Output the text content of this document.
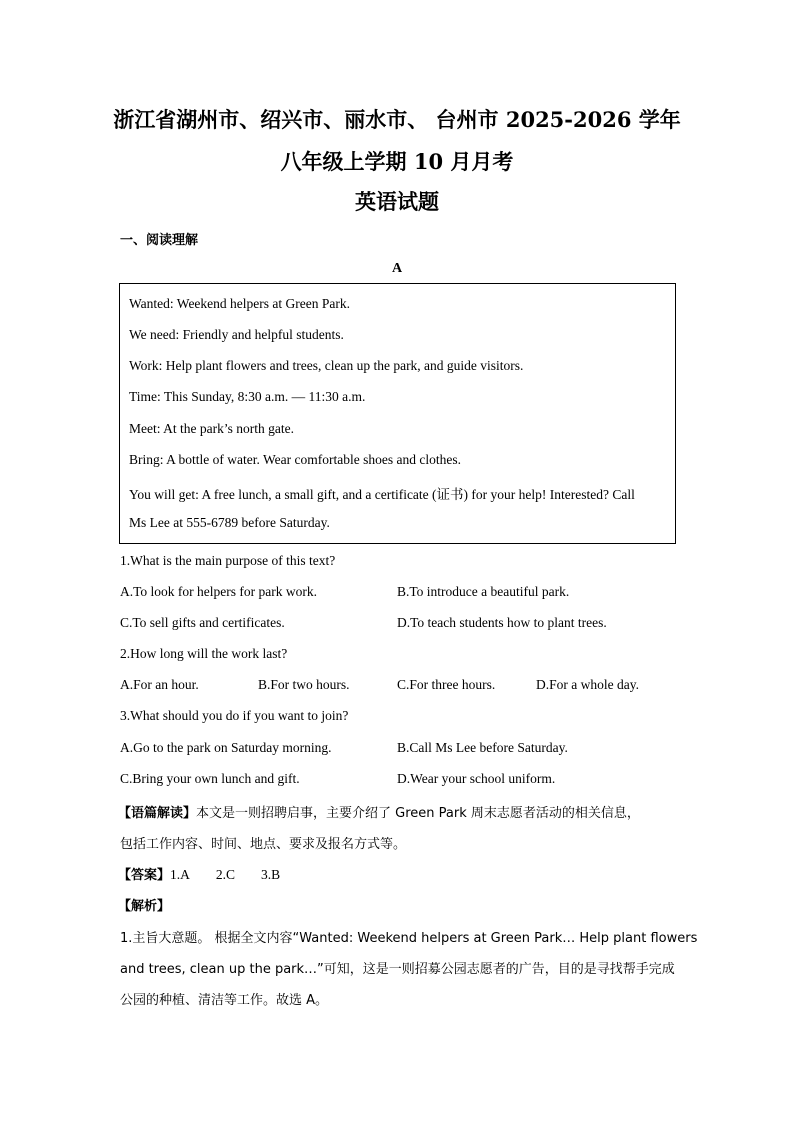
浙江省湖州市、绍兴市、丽水市、 台州市 2025-2026 学年
八年级上学期 10 月月考
英语试题
一、阅读理解
A
Wanted: Weekend helpers at Green Park.
We need: Friendly and helpful students.
Work: Help plant flowers and trees, clean up the park, and guide visitors.
Time: This Sunday, 8:30 a.m. — 11:30 a.m.
Meet: At the park’s north gate.
Bring: A bottle of water. Wear comfortable shoes and clothes.
You will get: A free lunch, a small gift, and a certificate (证书) for your help! Interested? Call
Ms Lee at 555-6789 before Saturday.
1.What is the main purpose of this text?
A.To look for helpers for park work.	B.To introduce a beautiful park.
C.To sell gifts and certificates.	D.To teach students how to plant trees.
2.How long will the work last?
A.For an hour.	B.For two hours.	C.For three hours.	D.For a whole day.
3.What should you do if you want to join?
A.Go to the park on Saturday morning.	B.Call Ms Lee before Saturday.
C.Bring your own lunch and gift.	D.Wear your school uniform.
【语篇解读】本文是一则招聘启事，主要介绍了 Green Park 周末志愿者活动的相关信息，
包括工作内容、时间、地点、要求及报名方式等。
【答案】1.A 2.C 3.B
【解析】
1.主旨大意题。 根据全文内容“Wanted: Weekend helpers at Green Park… Help plant flowers
and trees, clean up the park…”可知，这是一则招募公园志愿者的广告，目的是寻找帮手完成
公园的种植、清洁等工作。故选 A。
